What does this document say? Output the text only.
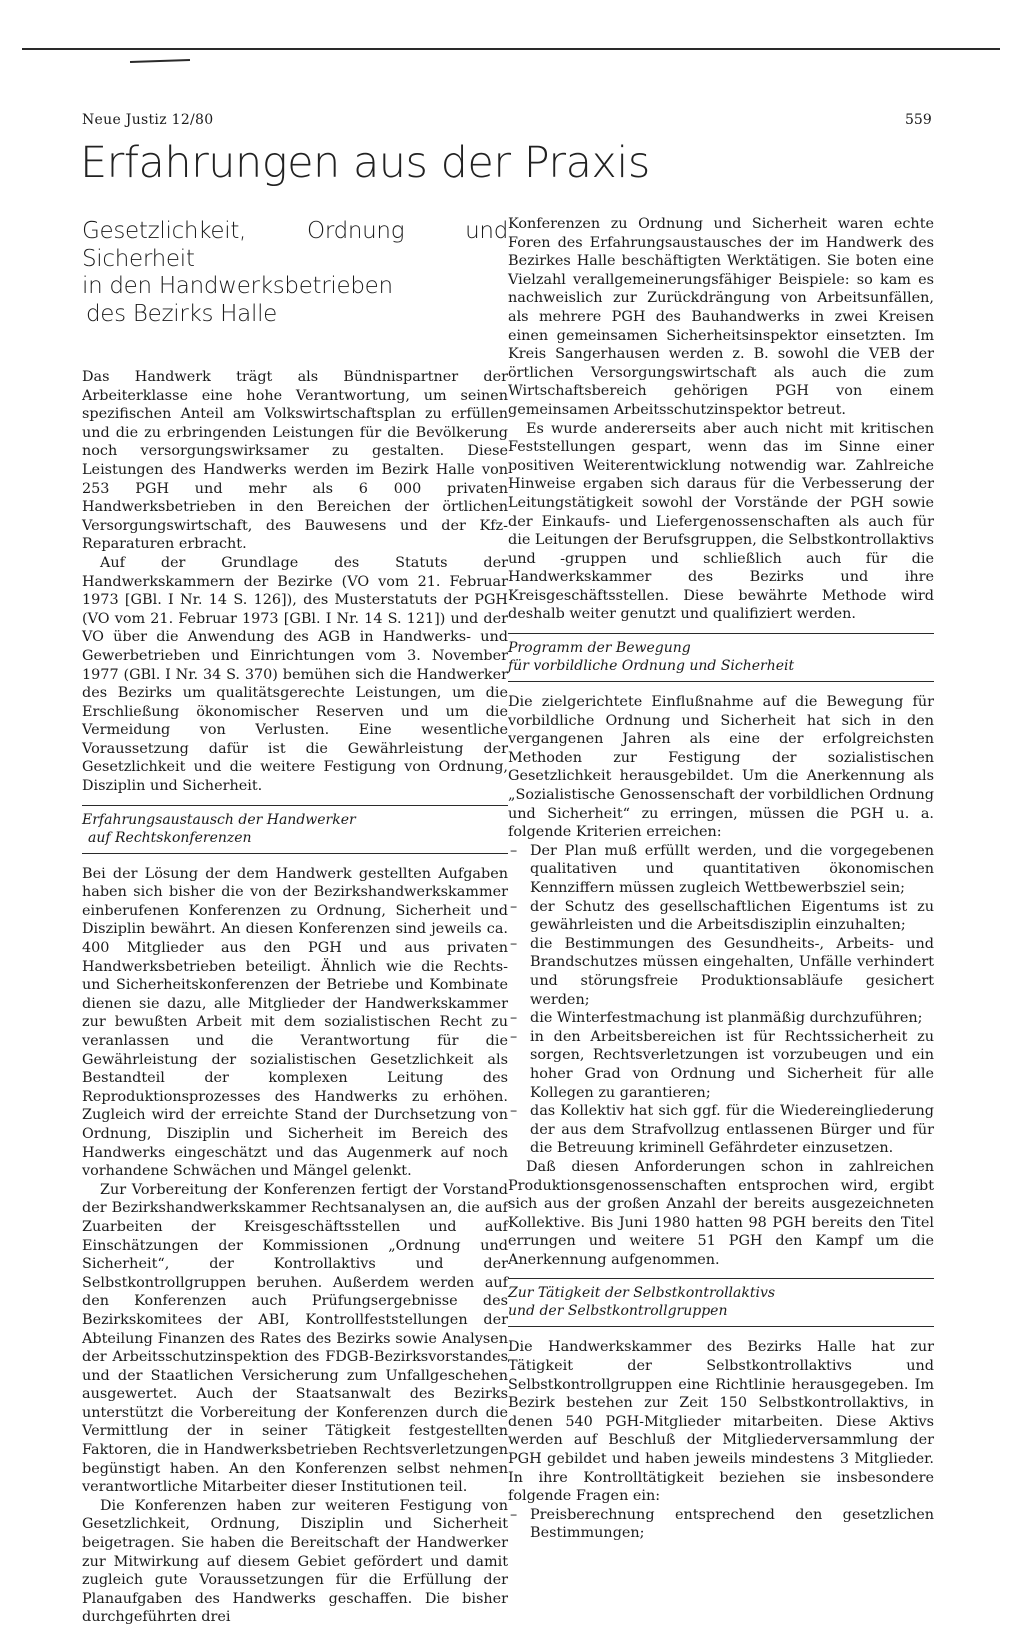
Neue Justiz 12/80	559
Erfahrungen aus der Praxis
Gesetzlichkeit, Ordnung und Sicherheit
in den Handwerksbetrieben
des Bezirks Halle

Das Handwerk trägt als Bündnispartner der Arbeiterklasse eine hohe Verantwortung, um seinen spezifischen Anteil am Volkswirtschaftsplan zu erfüllen und die zu erbringenden Leistungen für die Bevölkerung noch versorgungswirksamer zu gestalten. Diese Leistungen des Handwerks werden im Bezirk Halle von 253 PGH und mehr als 6 000 privaten Handwerksbetrieben in den Bereichen der örtlichen Versorgungswirtschaft, des Bauwesens und der Kfz-Reparaturen erbracht.

Auf der Grundlage des Statuts der Handwerkskammern der Bezirke (VO vom 21. Februar 1973 [GBl. I Nr. 14 S. 126]), des Musterstatuts der PGH (VO vom 21. Februar 1973 [GBl. I Nr. 14 S. 121]) und der VO über die Anwendung des AGB in Handwerks- und Gewerbetrieben und Einrichtungen vom 3. November 1977 (GBl. I Nr. 34 S. 370) bemühen sich die Handwerker des Bezirks um qualitätsgerechte Leistungen, um die Erschließung ökonomischer Reserven und um die Vermeidung von Verlusten. Eine wesentliche Voraussetzung dafür ist die Gewährleistung der Gesetzlichkeit und die weitere Festigung von Ordnung, Disziplin und Sicherheit.

Erfahrungsaustausch der Handwerker
auf Rechtskonferenzen

Bei der Lösung der dem Handwerk gestellten Aufgaben haben sich bisher die von der Bezirkshandwerkskammer einberufenen Konferenzen zu Ordnung, Sicherheit und Disziplin bewährt. An diesen Konferenzen sind jeweils ca. 400 Mitglieder aus den PGH und aus privaten Handwerksbetrieben beteiligt. Ähnlich wie die Rechts- und Sicherheitskonferenzen der Betriebe und Kombinate dienen sie dazu, alle Mitglieder der Handwerkskammer zur bewußten Arbeit mit dem sozialistischen Recht zu veranlassen und die Verantwortung für die Gewährleistung der sozialistischen Gesetzlichkeit als Bestandteil der komplexen Leitung des Reproduktionsprozesses des Handwerks zu erhöhen. Zugleich wird der erreichte Stand der Durchsetzung von Ordnung, Disziplin und Sicherheit im Bereich des Handwerks eingeschätzt und das Augenmerk auf noch vorhandene Schwächen und Mängel gelenkt.

Zur Vorbereitung der Konferenzen fertigt der Vorstand der Bezirkshandwerkskammer Rechtsanalysen an, die auf Zuarbeiten der Kreisgeschäftsstellen und auf Einschätzungen der Kommissionen „Ordnung und Sicherheit“, der Kontrollaktivs und der Selbstkontrollgruppen beruhen. Außerdem werden auf den Konferenzen auch Prüfungsergebnisse des Bezirkskomitees der ABI, Kontrollfeststellungen der Abteilung Finanzen des Rates des Bezirks sowie Analysen der Arbeitsschutzinspektion des FDGB-Bezirksvorstandes und der Staatlichen Versicherung zum Unfallgeschehen ausgewertet. Auch der Staatsanwalt des Bezirks unterstützt die Vorbereitung der Konferenzen durch die Vermittlung der in seiner Tätigkeit festgestellten Faktoren, die in Handwerksbetrieben Rechtsverletzungen begünstigt haben. An den Konferenzen selbst nehmen verantwortliche Mitarbeiter dieser Institutionen teil.

Die Konferenzen haben zur weiteren Festigung von Gesetzlichkeit, Ordnung, Disziplin und Sicherheit beigetragen. Sie haben die Bereitschaft der Handwerker zur Mitwirkung auf diesem Gebiet gefördert und damit zugleich gute Voraussetzungen für die Erfüllung der Planaufgaben des Handwerks geschaffen. Die bisher durchgeführten drei

Konferenzen zu Ordnung und Sicherheit waren echte Foren des Erfahrungsaustausches der im Handwerk des Bezirkes Halle beschäftigten Werktätigen. Sie boten eine Vielzahl verallgemeinerungsfähiger Beispiele: so kam es nachweislich zur Zurückdrängung von Arbeitsunfällen, als mehrere PGH des Bauhandwerks in zwei Kreisen einen gemeinsamen Sicherheitsinspektor einsetzten. Im Kreis Sangerhausen werden z. B. sowohl die VEB der örtlichen Versorgungswirtschaft als auch die zum Wirtschaftsbereich gehörigen PGH von einem gemeinsamen Arbeitsschutzinspektor betreut.

Es wurde andererseits aber auch nicht mit kritischen Feststellungen gespart, wenn das im Sinne einer positiven Weiterentwicklung notwendig war. Zahlreiche Hinweise ergaben sich daraus für die Verbesserung der Leitungstätigkeit sowohl der Vorstände der PGH sowie der Einkaufs- und Liefergenossenschaften als auch für die Leitungen der Berufsgruppen, die Selbstkontrollaktivs und -gruppen und schließlich auch für die Handwerkskammer des Bezirks und ihre Kreisgeschäftsstellen. Diese bewährte Methode wird deshalb weiter genutzt und qualifiziert werden.

Programm der Bewegung
für vorbildliche Ordnung und Sicherheit

Die zielgerichtete Einflußnahme auf die Bewegung für vorbildliche Ordnung und Sicherheit hat sich in den vergangenen Jahren als eine der erfolgreichsten Methoden zur Festigung der sozialistischen Gesetzlichkeit herausgebildet. Um die Anerkennung als „Sozialistische Genossenschaft der vorbildlichen Ordnung und Sicherheit“ zu erringen, müssen die PGH u. a. folgende Kriterien erreichen:

– Der Plan muß erfüllt werden, und die vorgegebenen qualitativen und quantitativen ökonomischen Kennziffern müssen zugleich Wettbewerbsziel sein;
– der Schutz des gesellschaftlichen Eigentums ist zu gewährleisten und die Arbeitsdisziplin einzuhalten;
– die Bestimmungen des Gesundheits-, Arbeits- und Brandschutzes müssen eingehalten, Unfälle verhindert und störungsfreie Produktionsabläufe gesichert werden;
– die Winterfestmachung ist planmäßig durchzuführen;
– in den Arbeitsbereichen ist für Rechtssicherheit zu sorgen, Rechtsverletzungen ist vorzubeugen und ein hoher Grad von Ordnung und Sicherheit für alle Kollegen zu garantieren;
– das Kollektiv hat sich ggf. für die Wiedereingliederung der aus dem Strafvollzug entlassenen Bürger und für die Betreuung kriminell Gefährdeter einzusetzen.

Daß diesen Anforderungen schon in zahlreichen Produktionsgenossenschaften entsprochen wird, ergibt sich aus der großen Anzahl der bereits ausgezeichneten Kollektive. Bis Juni 1980 hatten 98 PGH bereits den Titel errungen und weitere 51 PGH den Kampf um die Anerkennung aufgenommen.

Zur Tätigkeit der Selbstkontrollaktivs
und der Selbstkontrollgruppen

Die Handwerkskammer des Bezirks Halle hat zur Tätigkeit der Selbstkontrollaktivs und Selbstkontrollgruppen eine Richtlinie herausgegeben. Im Bezirk bestehen zur Zeit 150 Selbstkontrollaktivs, in denen 540 PGH-Mitglieder mitarbeiten. Diese Aktivs werden auf Beschluß der Mitgliederversammlung der PGH gebildet und haben jeweils mindestens 3 Mitglieder. In ihre Kontrolltätigkeit beziehen sie insbesondere folgende Fragen ein:

– Preisberechnung entsprechend den gesetzlichen Bestimmungen;
